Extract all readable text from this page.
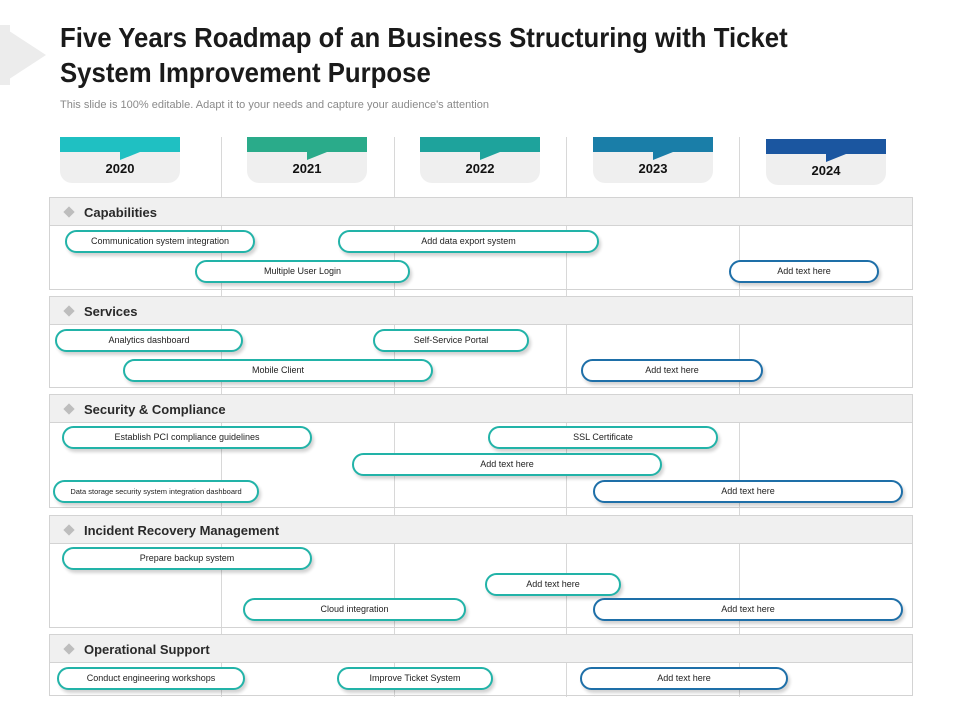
Five Years Roadmap of an Business Structuring with Ticket System Improvement Purpose
This slide is 100% editable. Adapt it to your needs and capture your audience's attention
2020	2021	2022	2023	2024
Capabilities
Communication system integration	Add data export system
Multiple User Login	Add text here
Services
Analytics dashboard	Self-Service Portal
Mobile Client	Add text here
Security & Compliance
Establish PCI compliance guidelines	SSL Certificate
Add text here
Data storage security system integration dashboard	Add text here
Incident Recovery Management
Prepare backup system
Add text here
Cloud integration	Add text here
Operational Support
Conduct engineering workshops	Improve Ticket System	Add text here
